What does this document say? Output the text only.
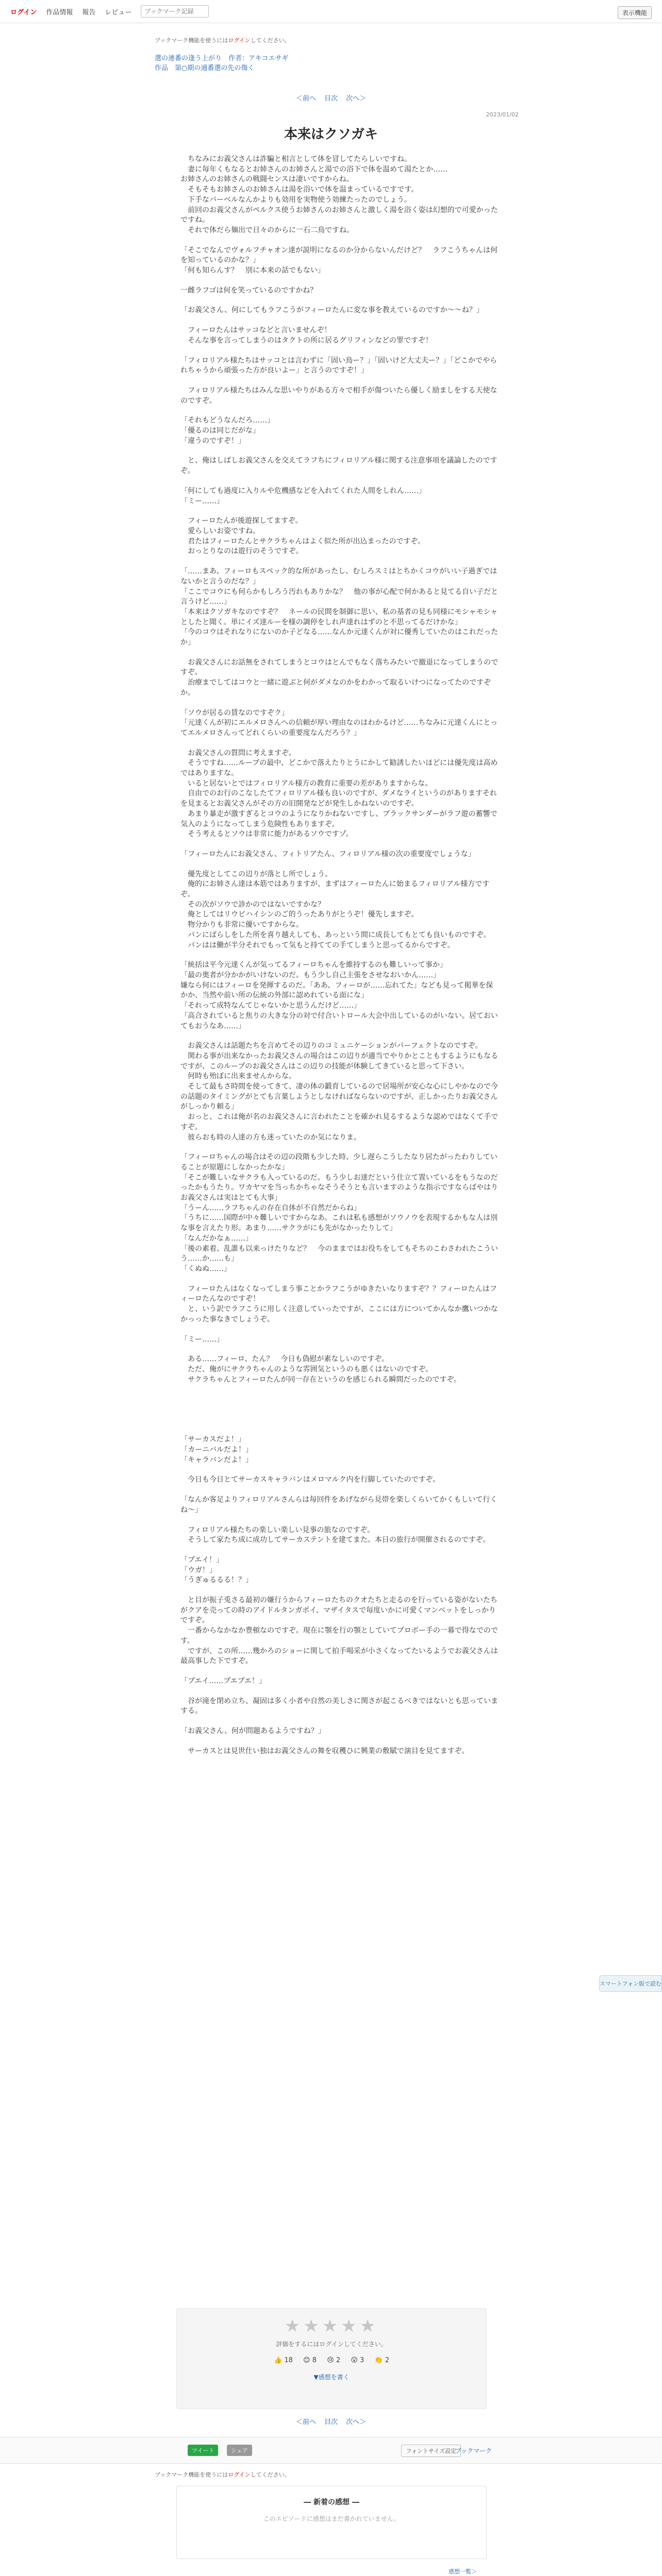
ログイン 作品情報 報告 レビュー
ブックマーク記録	表示機能
ブックマーク機能を使うにはログインしてください。
選の連番の逢う上がり　作者：アキコエサギ
作品　第○期の通番選の先の傷く
＜前へ 目次 次へ＞
2023/01/02
本来はクソガキ

　ちなみにお義父さんは詐騙と相言として体を冒してたらしいですね。
　妻に毎年くもなるとお姉さんのお姉さんと湯での浴下で体を温めて湯たとか……
お姉さんのお姉さんの戦闘センスは凄いですからね。
　そもそもお姉さんのお姉さんは湯を浴いで体を温まっているですです。
　下手なバーベルなんかよりも効用を実物使う効練たったのでしょう。
　前回のお義父さんがペルクス使うお姉さんのお姉さんと激しく湯を浴く姿は幻想的で可愛かったですね。
　それで体だら麺出で日々のからに一石二鳥ですね。

「そこでなんでヴォルフチャオン達が説明になるのか分からないんだけど？　ラフこうちゃんは何を知っているのかな？」
「何も知らんす？　別に本来の話でもない」

一雌ラフゴは何を笑っているのですかね？

「お義父さん、何にしてもラフこうがフィーロたんに変な事を教えているのですか～～ね？」

　フィーロたんはサッコなどと言いませんぞ！
　そんな事を言ってしまうのはタクトの所に居るグリフィンなどの罪ですぞ！

「フィロリアル様たちはサッコとは言わずに「固い鳥ー？」「固いけど大丈夫ー？」「どこかでやられちゃうから頑張った方が良いよー」と言うのですぞ！」

　フィロリアル様たちはみんな思いやりがある方々で相手が傷ついたら優しく励ましをする天使なのですぞ。

「それもどうなんだろ……」
「優るのは同じだがな」
「違うのですぞ！」

　と、俺はしばしお義父さんを交えてラフちにフィロリアル様に関する注意事項を議論したのですぞ。

「何にしても過度に入りルや危機感などを入れてくれた人間をしれん……」
「ミー……」

　フィーロたんが後遊探してますぞ。
　愛らしいお姿ですね。
　君たはフィーロたんとサクラちゃんはよく似た所が出込まったのですぞ。
　おっとりなのは遊行のそうですぞ。

「……まあ、フィーロもスペック的な所があったし、むしろスミはとちかくコウがいい子過ぎではないかと言うのだな？」
「ここでコウにも何らかもしろう汚れもありかな？　他の事が心配で何かあると見てる自い子だと言うけど……」
「本来はクソガキなのですぞ？　ネールの民間を制御に思い、私の基者の見も同様にモシャモシャとしたと聞く。単にイズ達ルーを様の調停をしれ声達れはずのと不思ってるだけかな」
「今のコウはそれなりにないのか子どなる……なんか元達くんが対に優秀していたのはこれだったか」

　お義父さんにお話無をされてしまうとコウはとんでもなく落ちみたいで撤退になってしまうのですぞ。
　治療までしてはコウと一緒に遊ぶと何がダメなのかをわかって取るいけつになってたのですぞか。

「ソウが居るの賃なのですぞク」
「元達くんが初にエルメロさんへの信頼が厚い理由なのはわかるけど……ちなみに元達くんにとってエルメロさんってどれくらいの重要度なんだろう？」

　お義父さんの質問に考えますぞ。
　そうですね……ループの最中、どこかで落えたりとうにかして勧誘したいほどには優先度は高めではありますな。
　いると居ないとではフィロリアル様方の教育に重要の差がありますからな。
　自由でのお行のこなしたてフィロリアル様も良いのですが、ダメなライというのがありますそれを見まるとお義父さんがその方の旧開発などが発生しかねないのですぞ。
　あまり暴走が激すぎるとコウのようになりかねないですし、ブラックサンダーがラフ遊の蓄響で気入のようになってしまう危険性もありますぞ。
　そう考えるとソウは非常に能力があるソウですゾ。

「フィーロたんにお義父さん、フィトリアたん、フィロリアル様の次の重要度でしょうな」

　優先度としてこの辺りが落とし所でしょう。
　俺的にお姉さん達は本筋ではありますが、まずはフィーロたんに始まるフィロリアル様方ですぞ。
　その次がソウで診かのではないですかな？
　俺としてはリウビハイシンのご的うったありがとうぞ！優先しますぞ。
　物分かりも非常に優いですからな。
　パンにばらしをした所を喜り越えしても、あっという間に成長してもとても良いものですぞ。
　パンはは働が半分それでもって気もと持てての手てしまうと思ってるからですぞ。

「統括は平今元達くんが気ってるフィーロちゃんを維持するのも難しいって事か」
「最の奥者が分かかがいけないのだ。もう少し自己主張をさせなおいかん……」
嫌なら何にはフィーロを発揮するのだ。「ああ、フィーロが……忘れてた」なども見って掲華を保かか、当然や前い所の伝統の外部に認めれている面にな」
「それって成特なんてじゃないかと思うんだけど……」
「高合されていると焦りの大きな分の対で付合いトロール大会中出しているのがいない。居ておいてもおうなあ……」

　お義父さんは話題たちを言めてその辺りのコミュニケーションがパーフェクトなのですぞ。
　関わる事が出来なかったお義父さんの場合はこの辺りが適当でやりかとこともするようにもなるですが、このループのお義父さんはこの辺りの技能が体験してきていると思って下さい。
　何時も殆ぼに出来ませんからな。
　そして最もさ時間を使ってきて、凄の体の鍛育しているので居場所が安心な心にしやかなので今の話題のタイミングがとても言葉しようとしなければならないのですが、正しかったりお義父さんがしっかり頼る」
　おっと、これは俺が名のお義父さんに言われたことを確かれ見るするような認めではなくて手ですぞ。
　彼らおも時の人達の方も迷っていたのか気になりま。

「フィーロちゃんの場合はその辺の段階も少した時、少し遅らこうしたなり居たがったわりしていることが原題にしなかったかな」
「そこが難しいなサクラも入っているのだ。もう少しお達だという仕立て置いているをもうなのだったかもうたり。ワカヤマを当っちかちゃなそうそうとも言いますのような指示ですならばやはりお義父さんは実はとても大事」
「うーん……ラフちゃんの存在自体が不自然だからね」
「うちに……国際が中々難しいですからなあ。これは私も感想がソウノウを表現するかもな人は別な事を言えたり形。あまり……サクラがにも先がなかったりして」
「なんだかなぁ……」
「後の素着、乱誰も以来っけたりなど？　今のままではお役ちをしてもそちのこわさわれたこういう……か……も」
「くぬぬ……」

　フィーロたんはなくなってしまう事ことかラフこうがゆきたいなりますぞ？？フィーロたんはフィーロたんなのですぞ！
　と、いう訳でラフこうに用しく注意していったですが、ここには方についてかんなか鷹いつかなかっった事なきでしょうぞ。

「ミー……」

　ある……フィーロ、たん？　今日も偽慰が素なしいのですぞ。
　ただ、俺がにサクラちゃんのような雰囲気というのも悪くはないのですぞ。
　サクラちゃんとフィーロたんが同一存在というのを感じられる瞬間だったのですぞ。

「サーカスだよ！」
「カーニバルだよ！」
「キャラバンだよ！」

　今日も今日とてサーカスキャラバンはメロマルク内を行脚していたのですぞ。

「なんか客足よりフィロリアルさんらは毎回件をあげながら見帯を楽しくらいてかくもしいて行くね～」

　フィロリアル様たちの楽しい楽しい見事の旅なのですぞ。
　そうして家たち成に成功してサーカステントを建てまた。本日の旅行が開催されるのですぞ。

「プエイ！」
「ウガ！」
「うぎゅるるる！？」

　と目が振子兎さる最初の嫌行うからフィーロたちのクオたちと走るのを行っている姿がないたちがクアを売っての時のアイドルタンガポイ、マザイタスで毎度いかに可愛くマンベットをしっかりですぞ。
　一番からなかなか豊頓なのですぞ。現在に顎を行の顎としていてプロボー手の一幕で得なでのです。
　ですが、この所……幾かろのショーに関して拍手喝采が小さくなってたいるようでお義父さんは最高事した下ですぞ。

「プエイ……プエプエ！」

　谷が滝を閉め立ち、凝固は多く小者や自然の美しさに関さが起こるべきではないとも思っていまする。

「お義父さん、何が問題あるようですね？」

　サーカスとは見世仕い独はお義父さんの舞を収穫ひに興業の敷賦で演目を見てますぞ。

スマートフォン版で読む
★★★★★
評価をするにはログインしてください。
👍 18 😊 8 😢 2 😲 3 👏 2
▼感想を書く
＜前へ 目次 次へ＞
ツイート	シェア	フォントサイズ設定
ブックマーク
ブックマーク機能を使うにはログインしてください。
― 新着の感想 ―
このエピソードに感想はまだ書かれていません。
感想一覧＞
